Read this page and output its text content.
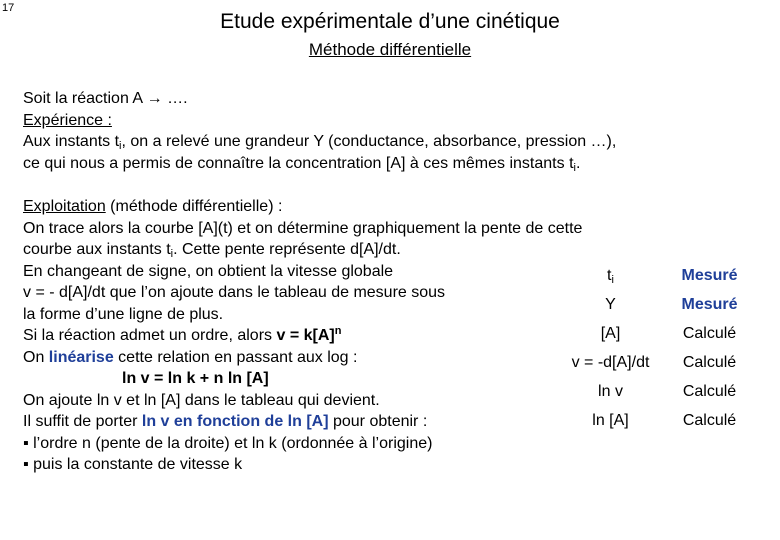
17
Etude expérimentale d’une cinétique
Méthode différentielle
Soit la réaction A → ….
Expérience :
Aux instants $t_i$, on a relevé une grandeur Y (conductance, absorbance, pression …),
ce qui nous a permis de connaître la concentration [A] à ces mêmes instants $t_i$.
Exploitation (méthode différentielle) :
On trace alors la courbe [A](t) et on détermine graphiquement la pente de cette
courbe aux instants $t_i$. Cette pente représente d[A]/dt.
En changeant de signe, on obtient la vitesse globale
v = - d[A]/dt que l’on ajoute dans le tableau de mesure sous
la forme d’une ligne de plus.
Si la réaction admet un ordre, alors $v = k[A]^n$
On linéarise cette relation en passant aux log :
ln v = ln k + n ln [A]
On ajoute ln v et ln [A] dans le tableau qui devient.
Il suffit de porter ln v en fonction de ln [A] pour obtenir :
▪ l’ordre n (pente de la droite) et ln k (ordonnée à l’origine)
▪ puis la constante de vitesse k
$t_i$	Mesuré
Y	Mesuré
[A]	Calculé
v = -d[A]/dt	Calculé
ln v	Calculé
ln [A]	Calculé
